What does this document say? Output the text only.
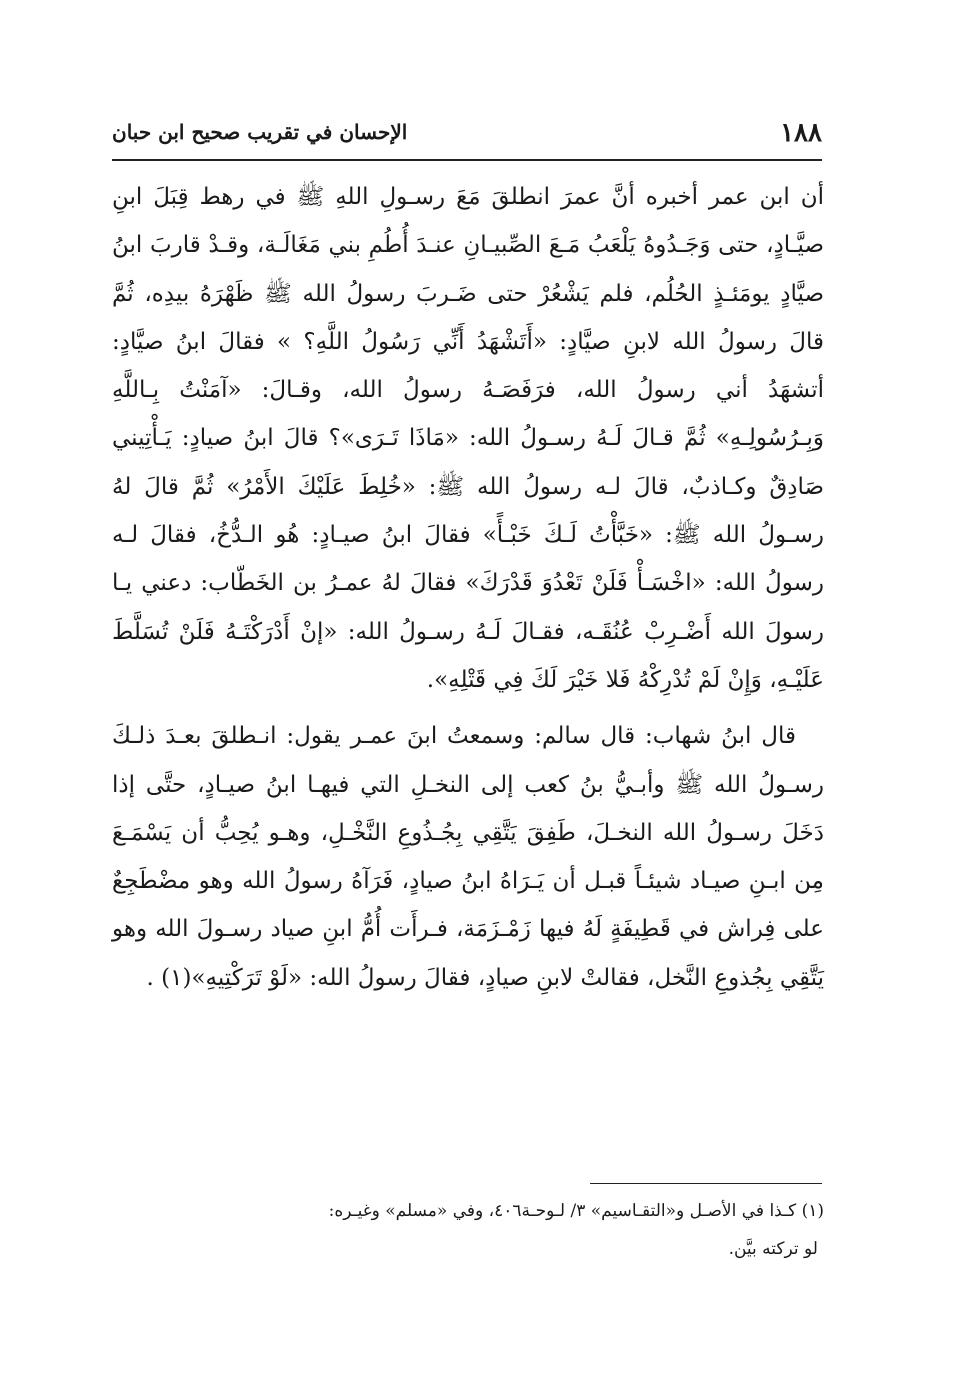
١٨٨
الإحسان في تقريب صحيح ابن حبان

أن ابن عمر أخبره أنَّ عمرَ انطلقَ مَعَ رسـولِ اللهِ ﷺ في رهط قِبَلَ ابنِ صيَّـادٍ، حتى وَجَـدُوهُ يَلْعَبُ مَـعَ الصِّبيـانِ عنـدَ أُطُمِ بني مَغَالَـة، وقـدْ قاربَ ابنُ صيَّادٍ يومَئـذٍ الحُلُم، فلم يَشْعُرْ حتى ضَـربَ رسولُ الله ﷺ ظَهْرَهُ بيدِه، ثُمَّ قالَ رسولُ الله لابنِ صيَّادٍ: «أَتَشْهَدُ أَنِّي رَسُولُ اللَّهِ؟ » فقالَ ابنُ صيَّادٍ: أتشهَدُ أني رسولُ الله، فرَفَصَـهُ رسولُ الله، وقـالَ: «آمَنْتُ بِـاللَّهِ وَبِـرُسُولِـهِ» ثُمَّ قـالَ لَـهُ رسـولُ الله: «مَاذَا تَـرَى»؟ قالَ ابنُ صيادٍ: يَـأْتِيني صَادِقٌ وكـاذبٌ، قالَ لـه رسولُ الله ﷺ: «خُلِطَ عَلَيْكَ الأَمْرُ» ثُمَّ قالَ لهُ رسـولُ الله ﷺ: «خَبَّأْتُ لَـكَ خَبْـأً» فقالَ ابنُ صيـادٍ: هُو الـدُّخُ، فقالَ لـه رسولُ الله: «اخْسَـأْ فَلَنْ تَعْدُوَ قَدْرَكَ» فقالَ لهُ عمـرُ بن الخَطّاب: دعني يـا رسولَ الله أَضْـرِبْ عُنُقَـه، فقـالَ لَـهُ رسـولُ الله: «إنْ أَدْرَكْتَـهُ فَلَنْ تُسَلَّطَ عَلَيْـهِ، وَإِنْ لَمْ تُدْرِكْهُ فَلا خَيْرَ لَكَ فِي قَتْلِهِ».

قال ابنُ شهاب: قال سالم: وسمعتُ ابنَ عمـر يقول: انـطلقَ بعـدَ ذلـكَ رسـولُ الله ﷺ وأبـيُّ بنُ كعب إلى النخـلِ التي فيهـا ابنُ صيـادٍ، حتَّى إذا دَخَلَ رسـولُ الله النخـلَ، طَفِقَ يَتَّقِي بِجُـذُوعِ النَّخْـلِ، وهـو يُحِبُّ أن يَسْمَـعَ مِن ابـنِ صيـاد شيئـاً قبـل أن يَـرَاهُ ابنُ صيادٍ، فَرَآهُ رسولُ الله وهو مضْطَجِعٌ على فِراش في قَطِيفَةٍ لَهُ فيها زَمْـزَمَة، فـرأَت أُمُّ ابنِ صياد رسـولَ الله وهو يَتَّقِي بِجُذوعِ النَّخل، فقالتْ لابنِ صيادٍ، فقالَ رسولُ الله: «لَوْ تَرَكْتِيهِ»(١) .

(١) كـذا في الأصـل و«التقـاسيم» ٣/ لـوحـة٤٠٦، وفي «مسلم» وغيـره:
لو تركته بيَّن.
